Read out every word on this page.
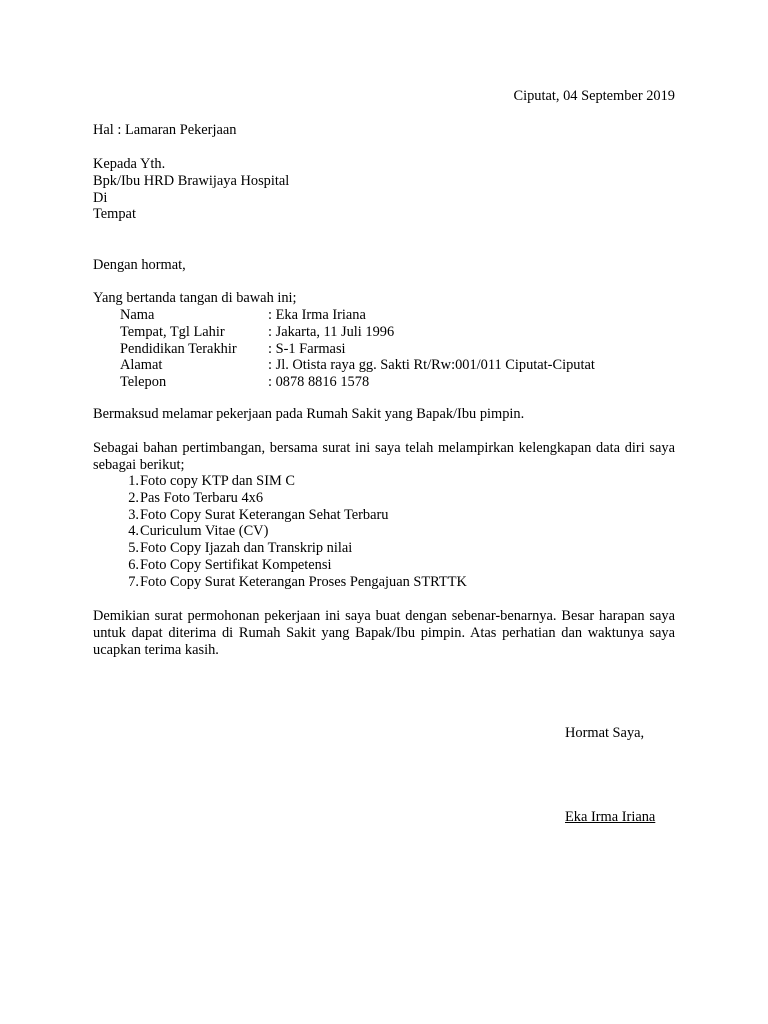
Ciputat, 04 September 2019
Hal : Lamaran Pekerjaan

Kepada Yth.

Bpk/Ibu HRD Brawijaya Hospital

Di

Tempat

Dengan hormat,
Yang bertanda tangan di bawah ini;
Nama	: Eka Irma Iriana
Tempat, Tgl Lahir	: Jakarta, 11 Juli 1996
Pendidikan Terakhir	: S-1 Farmasi
Alamat	: Jl. Otista raya gg. Sakti Rt/Rw:001/011 Ciputat-Ciputat
Telepon	: 0878 8816 1578
Bermaksud melamar pekerjaan pada Rumah Sakit yang Bapak/Ibu pimpin.

Sebagai bahan pertimbangan, bersama surat ini saya telah melampirkan kelengkapan data diri saya sebagai berikut;

1. Foto copy KTP dan SIM C
2. Pas Foto Terbaru 4x6
3. Foto Copy Surat Keterangan Sehat Terbaru
4. Curiculum Vitae (CV)
5. Foto Copy Ijazah dan Transkrip nilai
6. Foto Copy Sertifikat Kompetensi
7. Foto Copy Surat Keterangan Proses Pengajuan STRTTK

Demikian surat permohonan pekerjaan ini saya buat dengan sebenar-benarnya. Besar harapan saya untuk dapat diterima di Rumah Sakit yang Bapak/Ibu pimpin. Atas perhatian dan waktunya saya ucapkan terima kasih.

Hormat Saya,
Eka Irma Iriana
